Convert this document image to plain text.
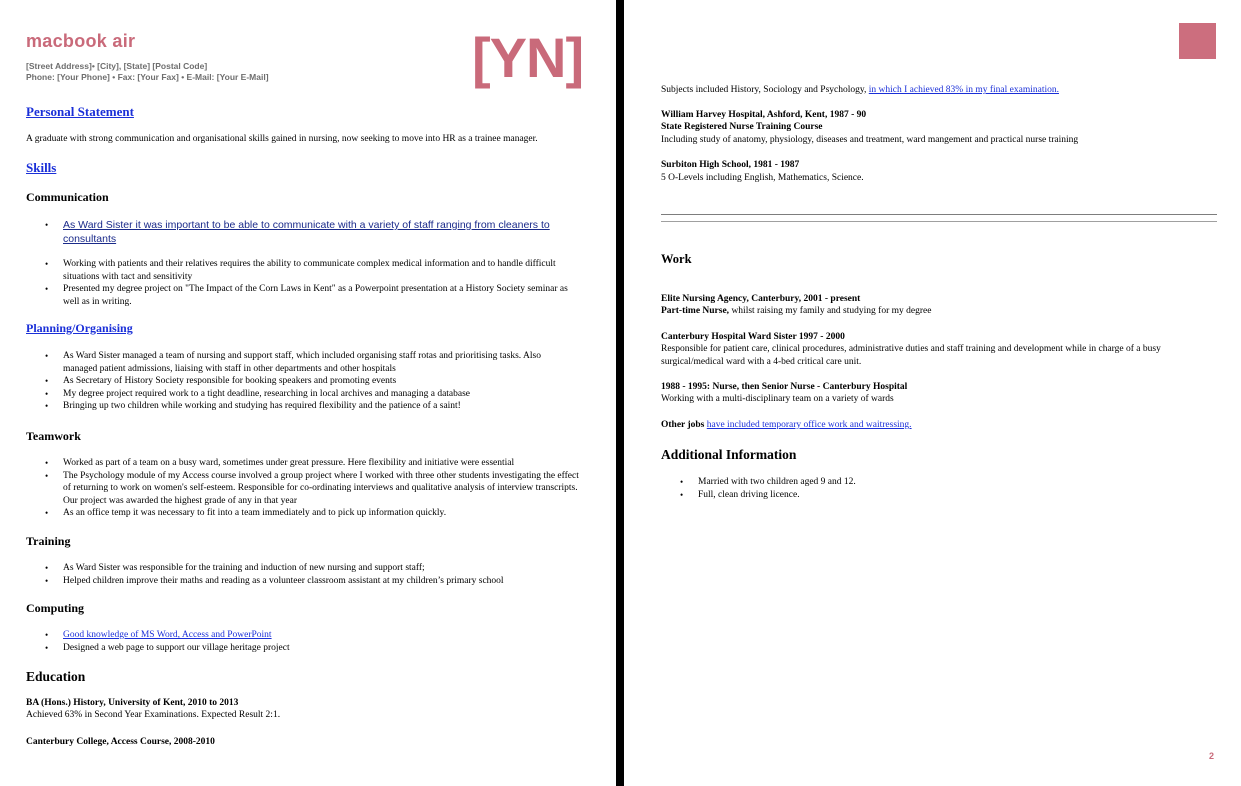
macbook air
[Street Address]• [City], [State] [Postal Code]
Phone: [Your Phone] • Fax: [Your Fax] • E-Mail: [Your E-Mail]	[YN]
Personal Statement
A graduate with strong communication and organisational skills gained in nursing, now seeking to move into HR as a trainee manager.
Skills
Communication
• As Ward Sister it was important to be able to communicate with a variety of staff ranging from cleaners to consultants
• Working with patients and their relatives requires the ability to communicate complex medical information and to handle difficult situations with tact and sensitivity
• Presented my degree project on "The Impact of the Corn Laws in Kent" as a Powerpoint presentation at a History Society seminar as well as in writing.
Planning/Organising
• As Ward Sister managed a team of nursing and support staff, which included organising staff rotas and prioritising tasks. Also managed patient admissions, liaising with staff in other departments and other hospitals
• As Secretary of History Society responsible for booking speakers and promoting events
• My degree project required work to a tight deadline, researching in local archives and managing a database
• Bringing up two children while working and studying has required flexibility and the patience of a saint!
Teamwork
• Worked as part of a team on a busy ward, sometimes under great pressure. Here flexibility and initiative were essential
• The Psychology module of my Access course involved a group project where I worked with three other students investigating the effect of returning to work on women's self-esteem. Responsible for co-ordinating interviews and qualitative analysis of interview transcripts. Our project was awarded the highest grade of any in that year
• As an office temp it was necessary to fit into a team immediately and to pick up information quickly.
Training
• As Ward Sister was responsible for the training and induction of new nursing and support staff;
• Helped children improve their maths and reading as a volunteer classroom assistant at my children’s primary school
Computing
• Good knowledge of MS Word, Access and PowerPoint
• Designed a web page to support our village heritage project
Education
BA (Hons.) History, University of Kent, 2010 to 2013
Achieved 63% in Second Year Examinations. Expected Result 2:1.
Canterbury College, Access Course, 2008-2010
Subjects included History, Sociology and Psychology, in which I achieved 83% in my final examination.
William Harvey Hospital, Ashford, Kent, 1987 - 90
State Registered Nurse Training Course
Including study of anatomy, physiology, diseases and treatment, ward mangement and practical nurse training
Surbiton High School, 1981 - 1987
5 O-Levels including English, Mathematics, Science.
Work
Elite Nursing Agency, Canterbury, 2001 - present
Part-time Nurse, whilst raising my family and studying for my degree
Canterbury Hospital Ward Sister 1997 - 2000
Responsible for patient care, clinical procedures, administrative duties and staff training and development while in charge of a busy surgical/medical ward with a 4-bed critical care unit.
1988 - 1995: Nurse, then Senior Nurse - Canterbury Hospital
Working with a multi-disciplinary team on a variety of wards
Other jobs have included temporary office work and waitressing.
Additional Information
• Married with two children aged 9 and 12.
• Full, clean driving licence.
2
